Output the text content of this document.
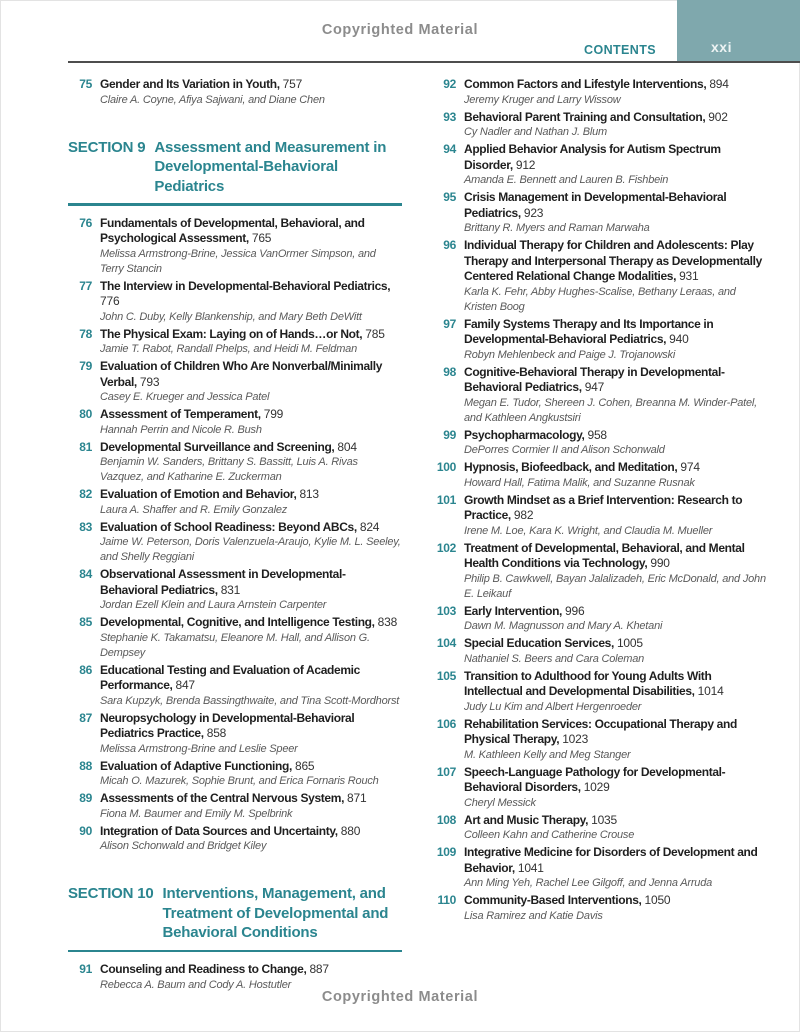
Copyrighted Material
CONTENTS	xxi
75 Gender and Its Variation in Youth, 757
Claire A. Coyne, Afiya Sajwani, and Diane Chen
SECTION 9 Assessment and Measurement in Developmental-Behavioral Pediatrics
76 Fundamentals of Developmental, Behavioral, and Psychological Assessment, 765
Melissa Armstrong-Brine, Jessica VanOrmer Simpson, and Terry Stancin
77 The Interview in Developmental-Behavioral Pediatrics, 776
John C. Duby, Kelly Blankenship, and Mary Beth DeWitt
78 The Physical Exam: Laying on of Hands…or Not, 785
Jamie T. Rabot, Randall Phelps, and Heidi M. Feldman
79 Evaluation of Children Who Are Nonverbal/Minimally Verbal, 793
Casey E. Krueger and Jessica Patel
80 Assessment of Temperament, 799
Hannah Perrin and Nicole R. Bush
81 Developmental Surveillance and Screening, 804
Benjamin W. Sanders, Brittany S. Bassitt, Luis A. Rivas Vazquez, and Katharine E. Zuckerman
82 Evaluation of Emotion and Behavior, 813
Laura A. Shaffer and R. Emily Gonzalez
83 Evaluation of School Readiness: Beyond ABCs, 824
Jaime W. Peterson, Doris Valenzuela-Araujo, Kylie M. L. Seeley, and Shelly Reggiani
84 Observational Assessment in Developmental-Behavioral Pediatrics, 831
Jordan Ezell Klein and Laura Arnstein Carpenter
85 Developmental, Cognitive, and Intelligence Testing, 838
Stephanie K. Takamatsu, Eleanore M. Hall, and Allison G. Dempsey
86 Educational Testing and Evaluation of Academic Performance, 847
Sara Kupzyk, Brenda Bassingthwaite, and Tina Scott-Mordhorst
87 Neuropsychology in Developmental-Behavioral Pediatrics Practice, 858
Melissa Armstrong-Brine and Leslie Speer
88 Evaluation of Adaptive Functioning, 865
Micah O. Mazurek, Sophie Brunt, and Erica Fornaris Rouch
89 Assessments of the Central Nervous System, 871
Fiona M. Baumer and Emily M. Spelbrink
90 Integration of Data Sources and Uncertainty, 880
Alison Schonwald and Bridget Kiley
SECTION 10 Interventions, Management, and Treatment of Developmental and Behavioral Conditions
91 Counseling and Readiness to Change, 887
Rebecca A. Baum and Cody A. Hostutler
92 Common Factors and Lifestyle Interventions, 894
Jeremy Kruger and Larry Wissow
93 Behavioral Parent Training and Consultation, 902
Cy Nadler and Nathan J. Blum
94 Applied Behavior Analysis for Autism Spectrum Disorder, 912
Amanda E. Bennett and Lauren B. Fishbein
95 Crisis Management in Developmental-Behavioral Pediatrics, 923
Brittany R. Myers and Raman Marwaha
96 Individual Therapy for Children and Adolescents: Play Therapy and Interpersonal Therapy as Developmentally Centered Relational Change Modalities, 931
Karla K. Fehr, Abby Hughes-Scalise, Bethany Leraas, and Kristen Boog
97 Family Systems Therapy and Its Importance in Developmental-Behavioral Pediatrics, 940
Robyn Mehlenbeck and Paige J. Trojanowski
98 Cognitive-Behavioral Therapy in Developmental-Behavioral Pediatrics, 947
Megan E. Tudor, Shereen J. Cohen, Breanna M. Winder-Patel, and Kathleen Angkustsiri
99 Psychopharmacology, 958
DePorres Cormier II and Alison Schonwald
100 Hypnosis, Biofeedback, and Meditation, 974
Howard Hall, Fatima Malik, and Suzanne Rusnak
101 Growth Mindset as a Brief Intervention: Research to Practice, 982
Irene M. Loe, Kara K. Wright, and Claudia M. Mueller
102 Treatment of Developmental, Behavioral, and Mental Health Conditions via Technology, 990
Philip B. Cawkwell, Bayan Jalalizadeh, Eric McDonald, and John E. Leikauf
103 Early Intervention, 996
Dawn M. Magnusson and Mary A. Khetani
104 Special Education Services, 1005
Nathaniel S. Beers and Cara Coleman
105 Transition to Adulthood for Young Adults With Intellectual and Developmental Disabilities, 1014
Judy Lu Kim and Albert Hergenroeder
106 Rehabilitation Services: Occupational Therapy and Physical Therapy, 1023
M. Kathleen Kelly and Meg Stanger
107 Speech-Language Pathology for Developmental-Behavioral Disorders, 1029
Cheryl Messick
108 Art and Music Therapy, 1035
Colleen Kahn and Catherine Crouse
109 Integrative Medicine for Disorders of Development and Behavior, 1041
Ann Ming Yeh, Rachel Lee Gilgoff, and Jenna Arruda
110 Community-Based Interventions, 1050
Lisa Ramirez and Katie Davis
Copyrighted Material
